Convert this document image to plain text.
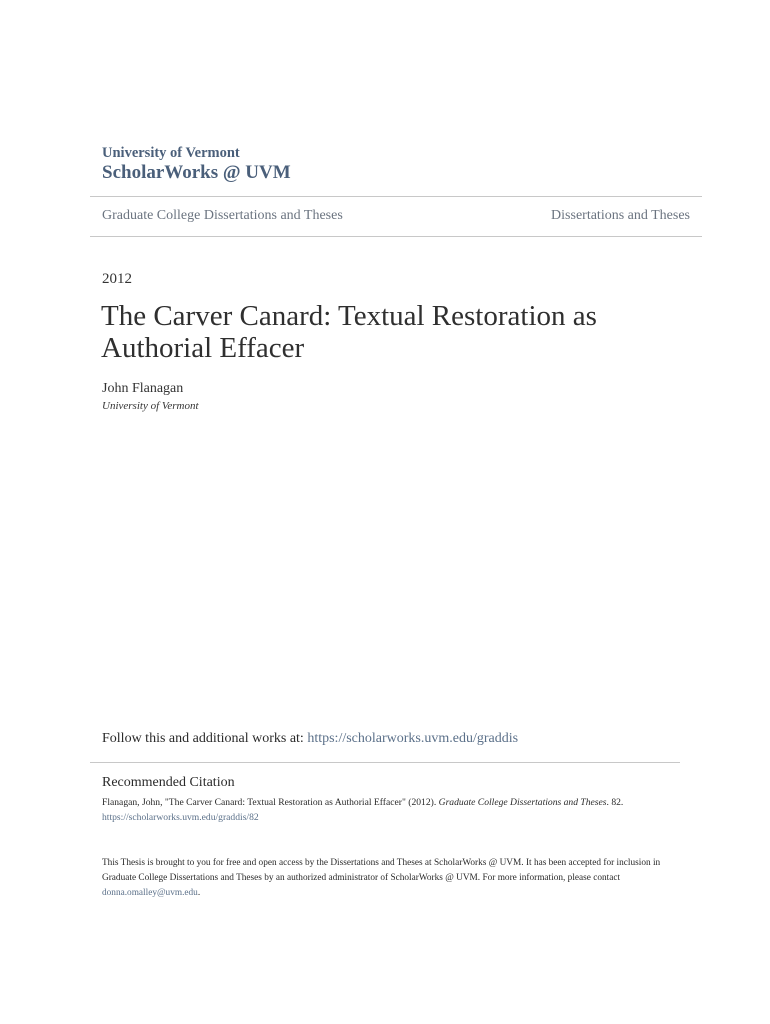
University of Vermont
ScholarWorks @ UVM
Graduate College Dissertations and Theses	Dissertations and Theses
2012
The Carver Canard: Textual Restoration as Authorial Effacer
John Flanagan
University of Vermont
Follow this and additional works at: https://scholarworks.uvm.edu/graddis
Recommended Citation
Flanagan, John, "The Carver Canard: Textual Restoration as Authorial Effacer" (2012). Graduate College Dissertations and Theses. 82.
https://scholarworks.uvm.edu/graddis/82
This Thesis is brought to you for free and open access by the Dissertations and Theses at ScholarWorks @ UVM. It has been accepted for inclusion in Graduate College Dissertations and Theses by an authorized administrator of ScholarWorks @ UVM. For more information, please contact
donna.omalley@uvm.edu.
